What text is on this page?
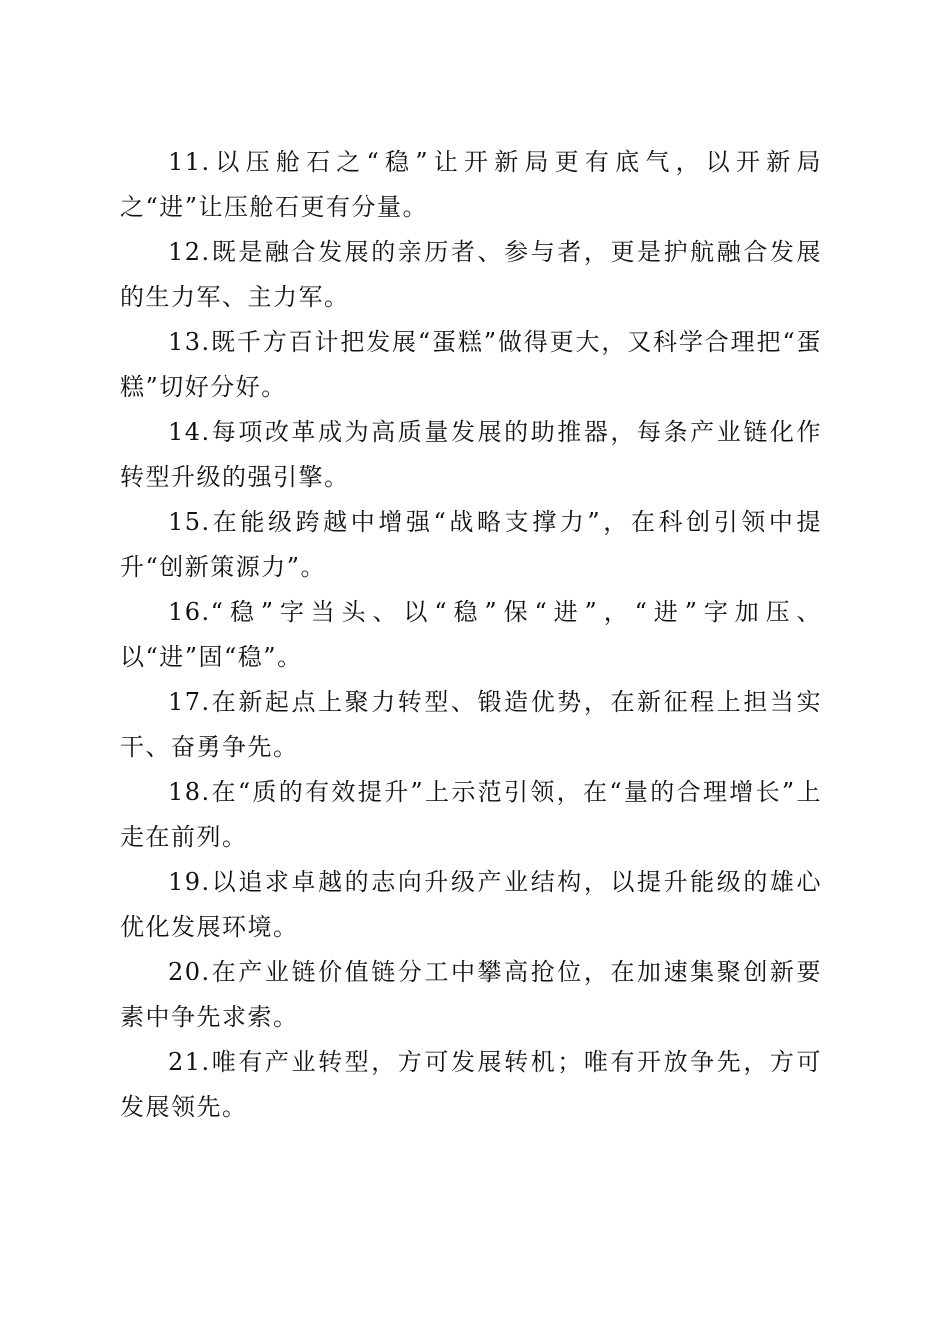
11.以压舱石之“稳”让开新局更有底气，以开新局之“进”让压舱石更有分量。

12.既是融合发展的亲历者、参与者，更是护航融合发展的生力军、主力军。

13.既千方百计把发展“蛋糕”做得更大，又科学合理把“蛋糕”切好分好。

14.每项改革成为高质量发展的助推器，每条产业链化作转型升级的强引擎。

15.在能级跨越中增强“战略支撑力”，在科创引领中提升“创新策源力”。

16.“稳”字当头、以“稳”保“进”，“进”字加压、以“进”固“稳”。

17.在新起点上聚力转型、锻造优势，在新征程上担当实干、奋勇争先。

18.在“质的有效提升”上示范引领，在“量的合理增长”上走在前列。

19.以追求卓越的志向升级产业结构，以提升能级的雄心优化发展环境。

20.在产业链价值链分工中攀高抢位，在加速集聚创新要素中争先求索。

21.唯有产业转型，方可发展转机；唯有开放争先，方可发展领先。
